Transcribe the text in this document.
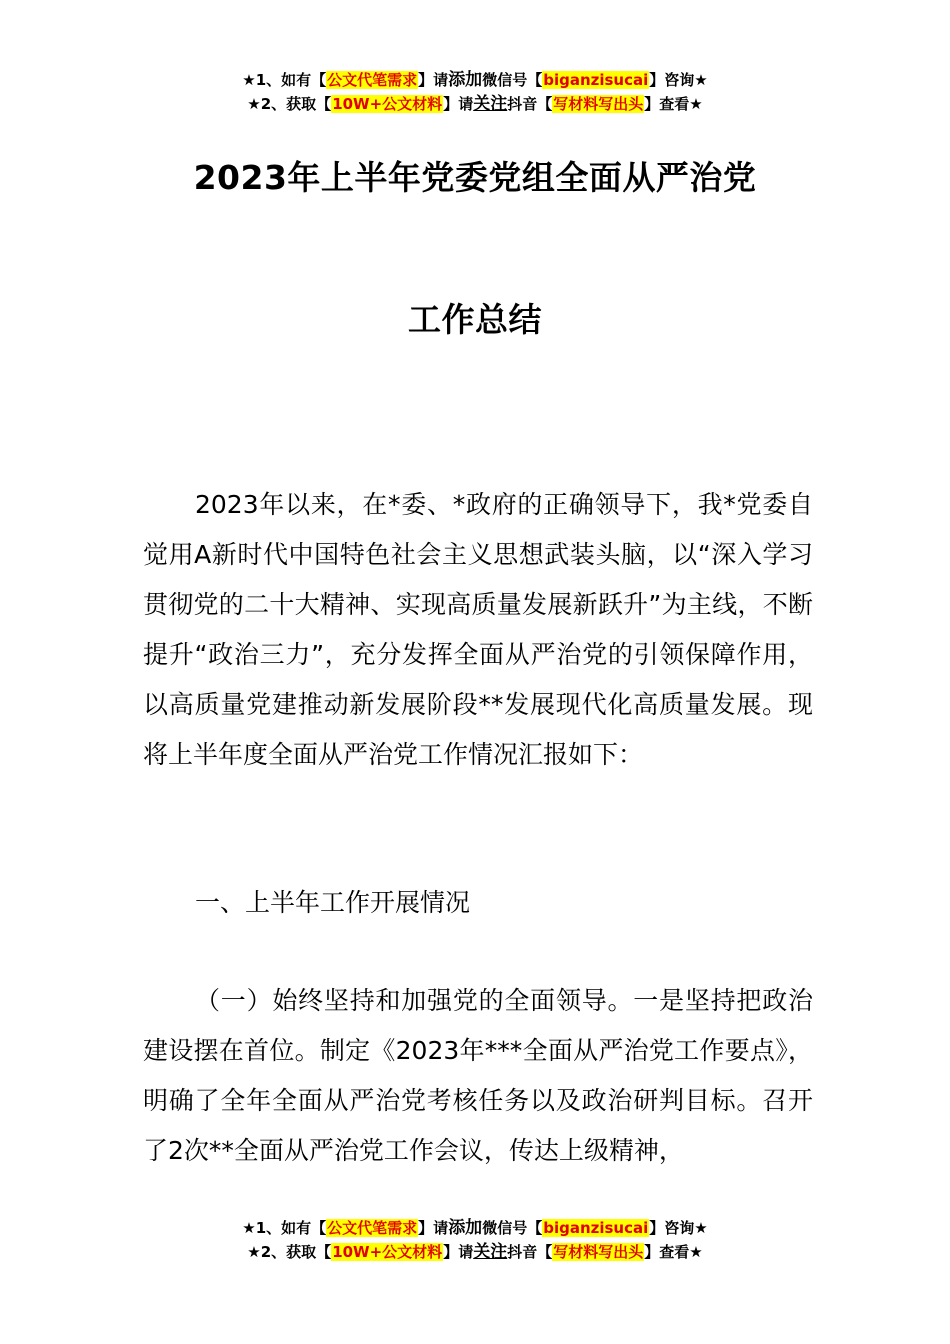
★1、如有【公文代笔需求】请添加微信号【biganzisucai】咨询★
★2、获取【10W+公文材料】请关注抖音【写材料写出头】查看★
2023年上半年党委党组全面从严治党
工作总结
2023年以来，在*委、*政府的正确领导下，我*党委自觉用A新时代中国特色社会主义思想武装头脑，以“深入学习贯彻党的二十大精神、实现高质量发展新跃升”为主线，不断提升“政治三力”，充分发挥全面从严治党的引领保障作用，以高质量党建推动新发展阶段**发展现代化高质量发展。现将上半年度全面从严治党工作情况汇报如下：
一、上半年工作开展情况
（一）始终坚持和加强党的全面领导。一是坚持把政治建设摆在首位。制定《2023年***全面从严治党工作要点》，明确了全年全面从严治党考核任务以及政治研判目标。召开了2次**全面从严治党工作会议，传达上级精神，
★1、如有【公文代笔需求】请添加微信号【biganzisucai】咨询★
★2、获取【10W+公文材料】请关注抖音【写材料写出头】查看★
